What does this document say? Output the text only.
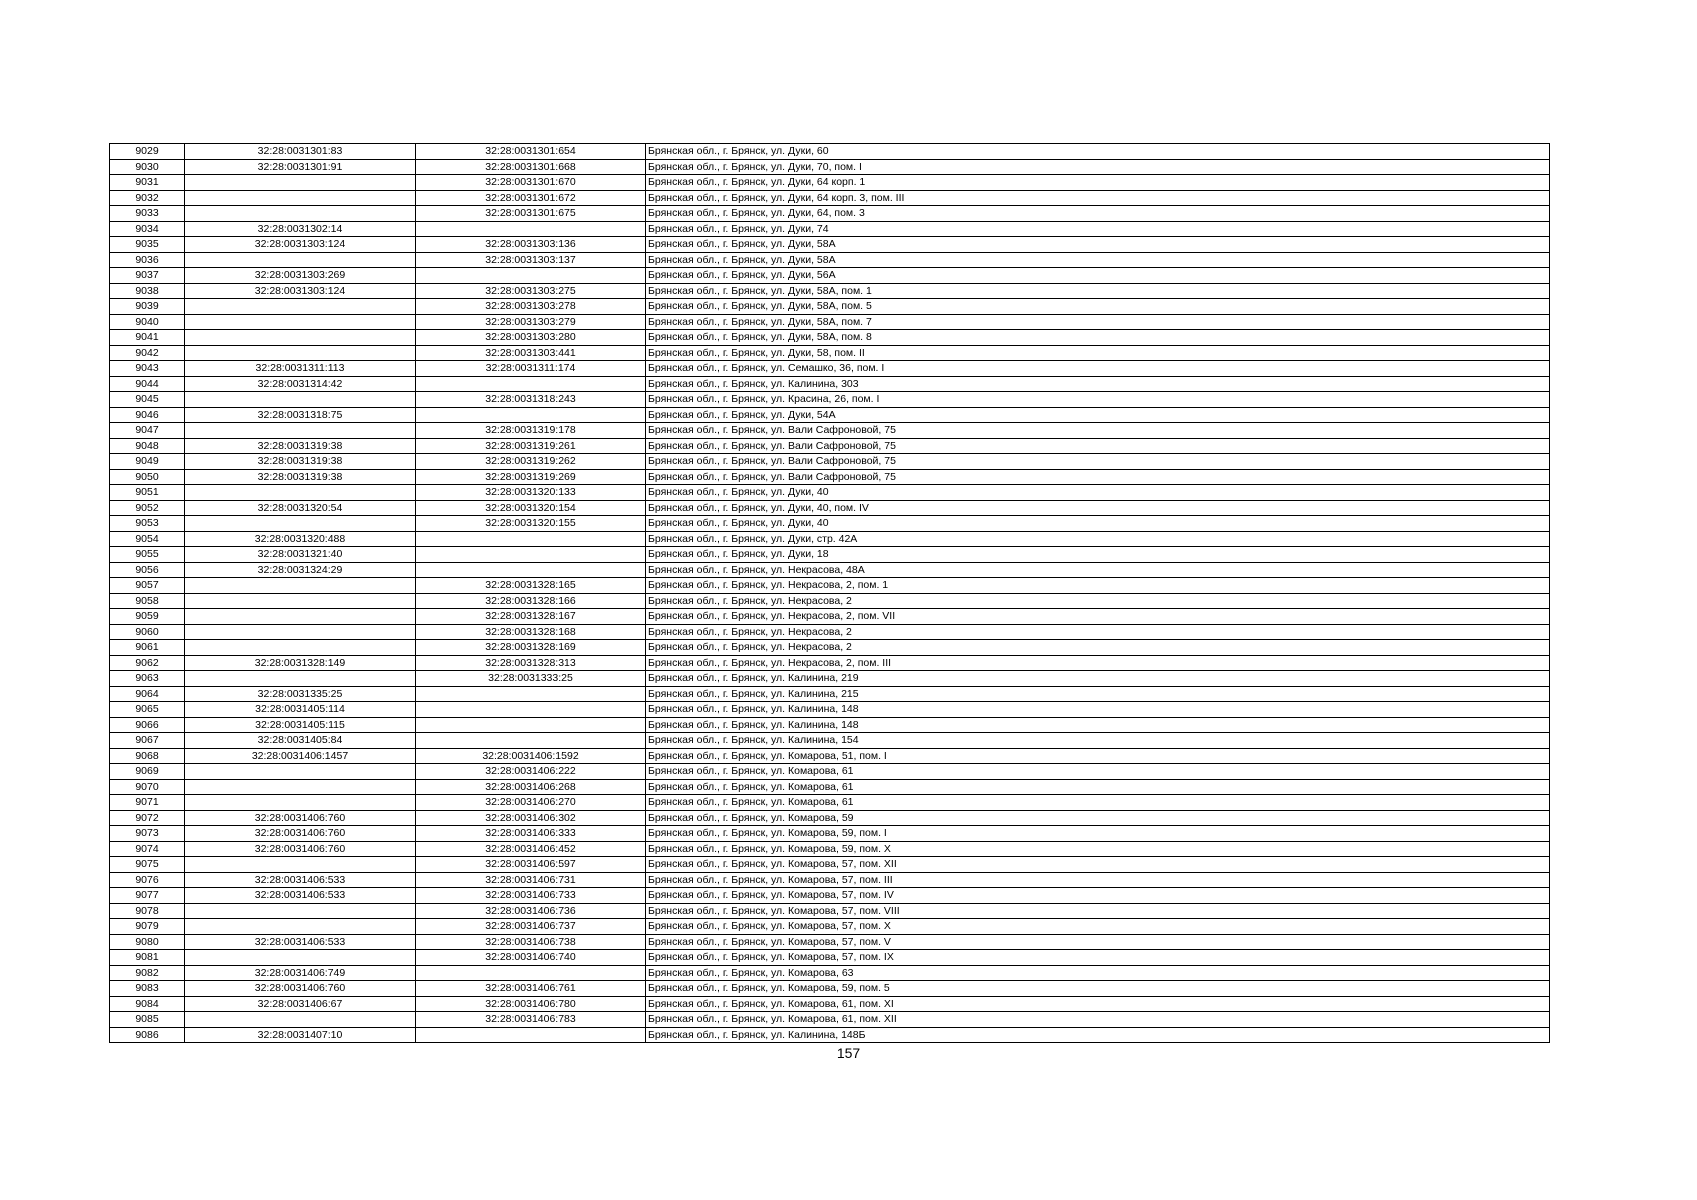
9029	32:28:0031301:83	32:28:0031301:654	Брянская обл., г. Брянск, ул. Дуки, 60
9030	32:28:0031301:91	32:28:0031301:668	Брянская обл., г. Брянск, ул. Дуки, 70, пом. I
9031		32:28:0031301:670	Брянская обл., г. Брянск, ул. Дуки, 64 корп. 1
9032		32:28:0031301:672	Брянская обл., г. Брянск, ул. Дуки, 64 корп. 3, пом. III
9033		32:28:0031301:675	Брянская обл., г. Брянск, ул. Дуки, 64, пом. 3
9034	32:28:0031302:14		Брянская обл., г. Брянск, ул. Дуки, 74
9035	32:28:0031303:124	32:28:0031303:136	Брянская обл., г. Брянск, ул. Дуки, 58А
9036		32:28:0031303:137	Брянская обл., г. Брянск, ул. Дуки, 58А
9037	32:28:0031303:269		Брянская обл., г. Брянск, ул. Дуки, 56А
9038	32:28:0031303:124	32:28:0031303:275	Брянская обл., г. Брянск, ул. Дуки, 58А, пом. 1
9039		32:28:0031303:278	Брянская обл., г. Брянск, ул. Дуки, 58А, пом. 5
9040		32:28:0031303:279	Брянская обл., г. Брянск, ул. Дуки, 58А, пом. 7
9041		32:28:0031303:280	Брянская обл., г. Брянск, ул. Дуки, 58А, пом. 8
9042		32:28:0031303:441	Брянская обл., г. Брянск, ул. Дуки, 58, пом. II
9043	32:28:0031311:113	32:28:0031311:174	Брянская обл., г. Брянск, ул. Семашко, 36, пом. I
9044	32:28:0031314:42		Брянская обл., г. Брянск, ул. Калинина, 303
9045		32:28:0031318:243	Брянская обл., г. Брянск, ул. Красина, 26, пом. I
9046	32:28:0031318:75		Брянская обл., г. Брянск, ул. Дуки, 54А
9047		32:28:0031319:178	Брянская обл., г. Брянск, ул. Вали Сафроновой, 75
9048	32:28:0031319:38	32:28:0031319:261	Брянская обл., г. Брянск, ул. Вали Сафроновой, 75
9049	32:28:0031319:38	32:28:0031319:262	Брянская обл., г. Брянск, ул. Вали Сафроновой, 75
9050	32:28:0031319:38	32:28:0031319:269	Брянская обл., г. Брянск, ул. Вали Сафроновой, 75
9051		32:28:0031320:133	Брянская обл., г. Брянск, ул. Дуки, 40
9052	32:28:0031320:54	32:28:0031320:154	Брянская обл., г. Брянск, ул. Дуки, 40, пом. IV
9053		32:28:0031320:155	Брянская обл., г. Брянск, ул. Дуки, 40
9054	32:28:0031320:488		Брянская обл., г. Брянск, ул. Дуки, стр. 42А
9055	32:28:0031321:40		Брянская обл., г. Брянск, ул. Дуки, 18
9056	32:28:0031324:29		Брянская обл., г. Брянск, ул. Некрасова, 48А
9057		32:28:0031328:165	Брянская обл., г. Брянск, ул. Некрасова, 2, пом. 1
9058		32:28:0031328:166	Брянская обл., г. Брянск, ул. Некрасова, 2
9059		32:28:0031328:167	Брянская обл., г. Брянск, ул. Некрасова, 2, пом. VII
9060		32:28:0031328:168	Брянская обл., г. Брянск, ул. Некрасова, 2
9061		32:28:0031328:169	Брянская обл., г. Брянск, ул. Некрасова, 2
9062	32:28:0031328:149	32:28:0031328:313	Брянская обл., г. Брянск, ул. Некрасова, 2, пом. III
9063		32:28:0031333:25	Брянская обл., г. Брянск, ул. Калинина, 219
9064	32:28:0031335:25		Брянская обл., г. Брянск, ул. Калинина, 215
9065	32:28:0031405:114		Брянская обл., г. Брянск, ул. Калинина, 148
9066	32:28:0031405:115		Брянская обл., г. Брянск, ул. Калинина, 148
9067	32:28:0031405:84		Брянская обл., г. Брянск, ул. Калинина, 154
9068	32:28:0031406:1457	32:28:0031406:1592	Брянская обл., г. Брянск, ул. Комарова, 51, пом. I
9069		32:28:0031406:222	Брянская обл., г. Брянск, ул. Комарова, 61
9070		32:28:0031406:268	Брянская обл., г. Брянск, ул. Комарова, 61
9071		32:28:0031406:270	Брянская обл., г. Брянск, ул. Комарова, 61
9072	32:28:0031406:760	32:28:0031406:302	Брянская обл., г. Брянск, ул. Комарова, 59
9073	32:28:0031406:760	32:28:0031406:333	Брянская обл., г. Брянск, ул. Комарова, 59, пом. I
9074	32:28:0031406:760	32:28:0031406:452	Брянская обл., г. Брянск, ул. Комарова, 59, пом. X
9075		32:28:0031406:597	Брянская обл., г. Брянск, ул. Комарова, 57, пом. XII
9076	32:28:0031406:533	32:28:0031406:731	Брянская обл., г. Брянск, ул. Комарова, 57, пом. III
9077	32:28:0031406:533	32:28:0031406:733	Брянская обл., г. Брянск, ул. Комарова, 57, пом. IV
9078		32:28:0031406:736	Брянская обл., г. Брянск, ул. Комарова, 57, пом. VIII
9079		32:28:0031406:737	Брянская обл., г. Брянск, ул. Комарова, 57, пом. X
9080	32:28:0031406:533	32:28:0031406:738	Брянская обл., г. Брянск, ул. Комарова, 57, пом. V
9081		32:28:0031406:740	Брянская обл., г. Брянск, ул. Комарова, 57, пом. IX
9082	32:28:0031406:749		Брянская обл., г. Брянск, ул. Комарова, 63
9083	32:28:0031406:760	32:28:0031406:761	Брянская обл., г. Брянск, ул. Комарова, 59, пом. 5
9084	32:28:0031406:67	32:28:0031406:780	Брянская обл., г. Брянск, ул. Комарова, 61, пом. XI
9085		32:28:0031406:783	Брянская обл., г. Брянск, ул. Комарова, 61, пом. XII
9086	32:28:0031407:10		Брянская обл., г. Брянск, ул. Калинина, 148Б
157
